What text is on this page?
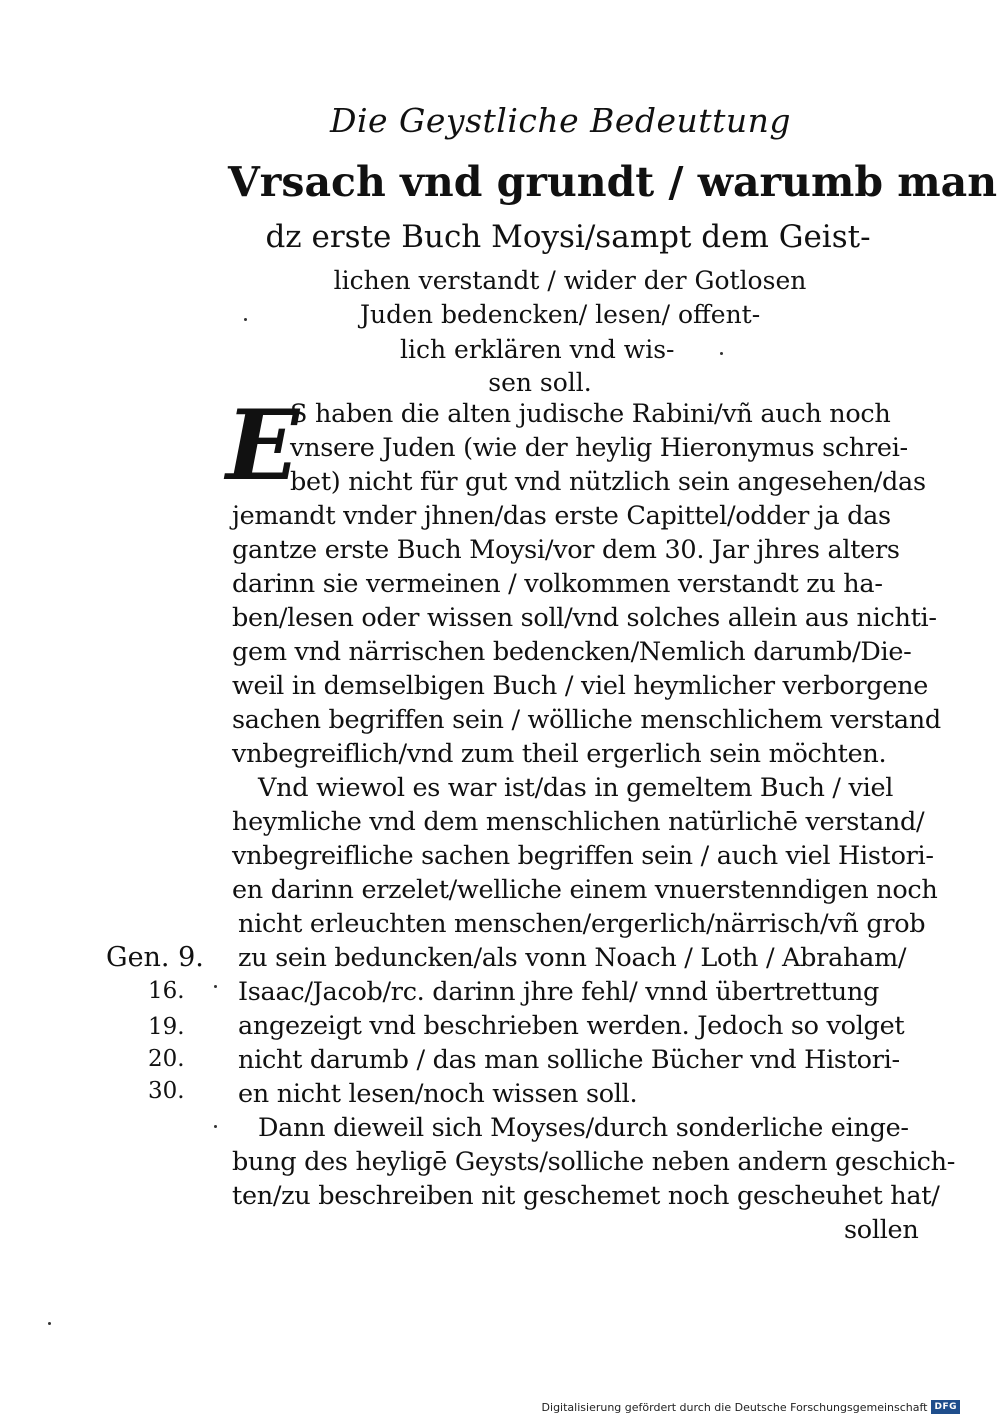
Die Geystliche Bedeuttung
Vrsach vnd grundt / warumb man
dz erste Buch Moysi/sampt dem Geist-
lichen verstandt / wider der Gotlosen
Juden bedencken/ lesen/ offent-
lich erklären vnd wis-
sen soll.
E
S haben die alten judische Rabini/vñ auch noch
vnsere Juden (wie der heylig Hieronymus schrei-
bet) nicht für gut vnd nützlich sein angesehen/das
jemandt vnder jhnen/das erste Capittel/odder ja das
gantze erste Buch Moysi/vor dem 30. Jar jhres alters
darinn sie vermeinen / volkommen verstandt zu ha-
ben/lesen oder wissen soll/vnd solches allein aus nichti-
gem vnd närrischen bedencken/Nemlich darumb/Die-
weil in demselbigen Buch / viel heymlicher verborgene
sachen begriffen sein / wölliche menschlichem verstand
vnbegreiflich/vnd zum theil ergerlich sein möchten.
Vnd wiewol es war ist/das in gemeltem Buch / viel
heymliche vnd dem menschlichen natürlichē verstand/
vnbegreifliche sachen begriffen sein / auch viel Histori-
en darinn erzelet/welliche einem vnuerstenndigen noch
nicht erleuchten menschen/ergerlich/närrisch/vñ grob
zu sein beduncken/als vonn Noach / Loth / Abraham/
Isaac/Jacob/rc. darinn jhre fehl/ vnnd übertrettung
angezeigt vnd beschrieben werden. Jedoch so volget
nicht darumb / das man solliche Bücher vnd Histori-
en nicht lesen/noch wissen soll.
Dann dieweil sich Moyses/durch sonderliche einge-
bung des heyligē Geysts/solliche neben andern geschich-
ten/zu beschreiben nit geschemet noch gescheuhet hat/
sollen
Gen. 9.
16.
19.
20.
30.
Digitalisierung gefördert durch die Deutsche Forschungsgemeinschaft DFG
